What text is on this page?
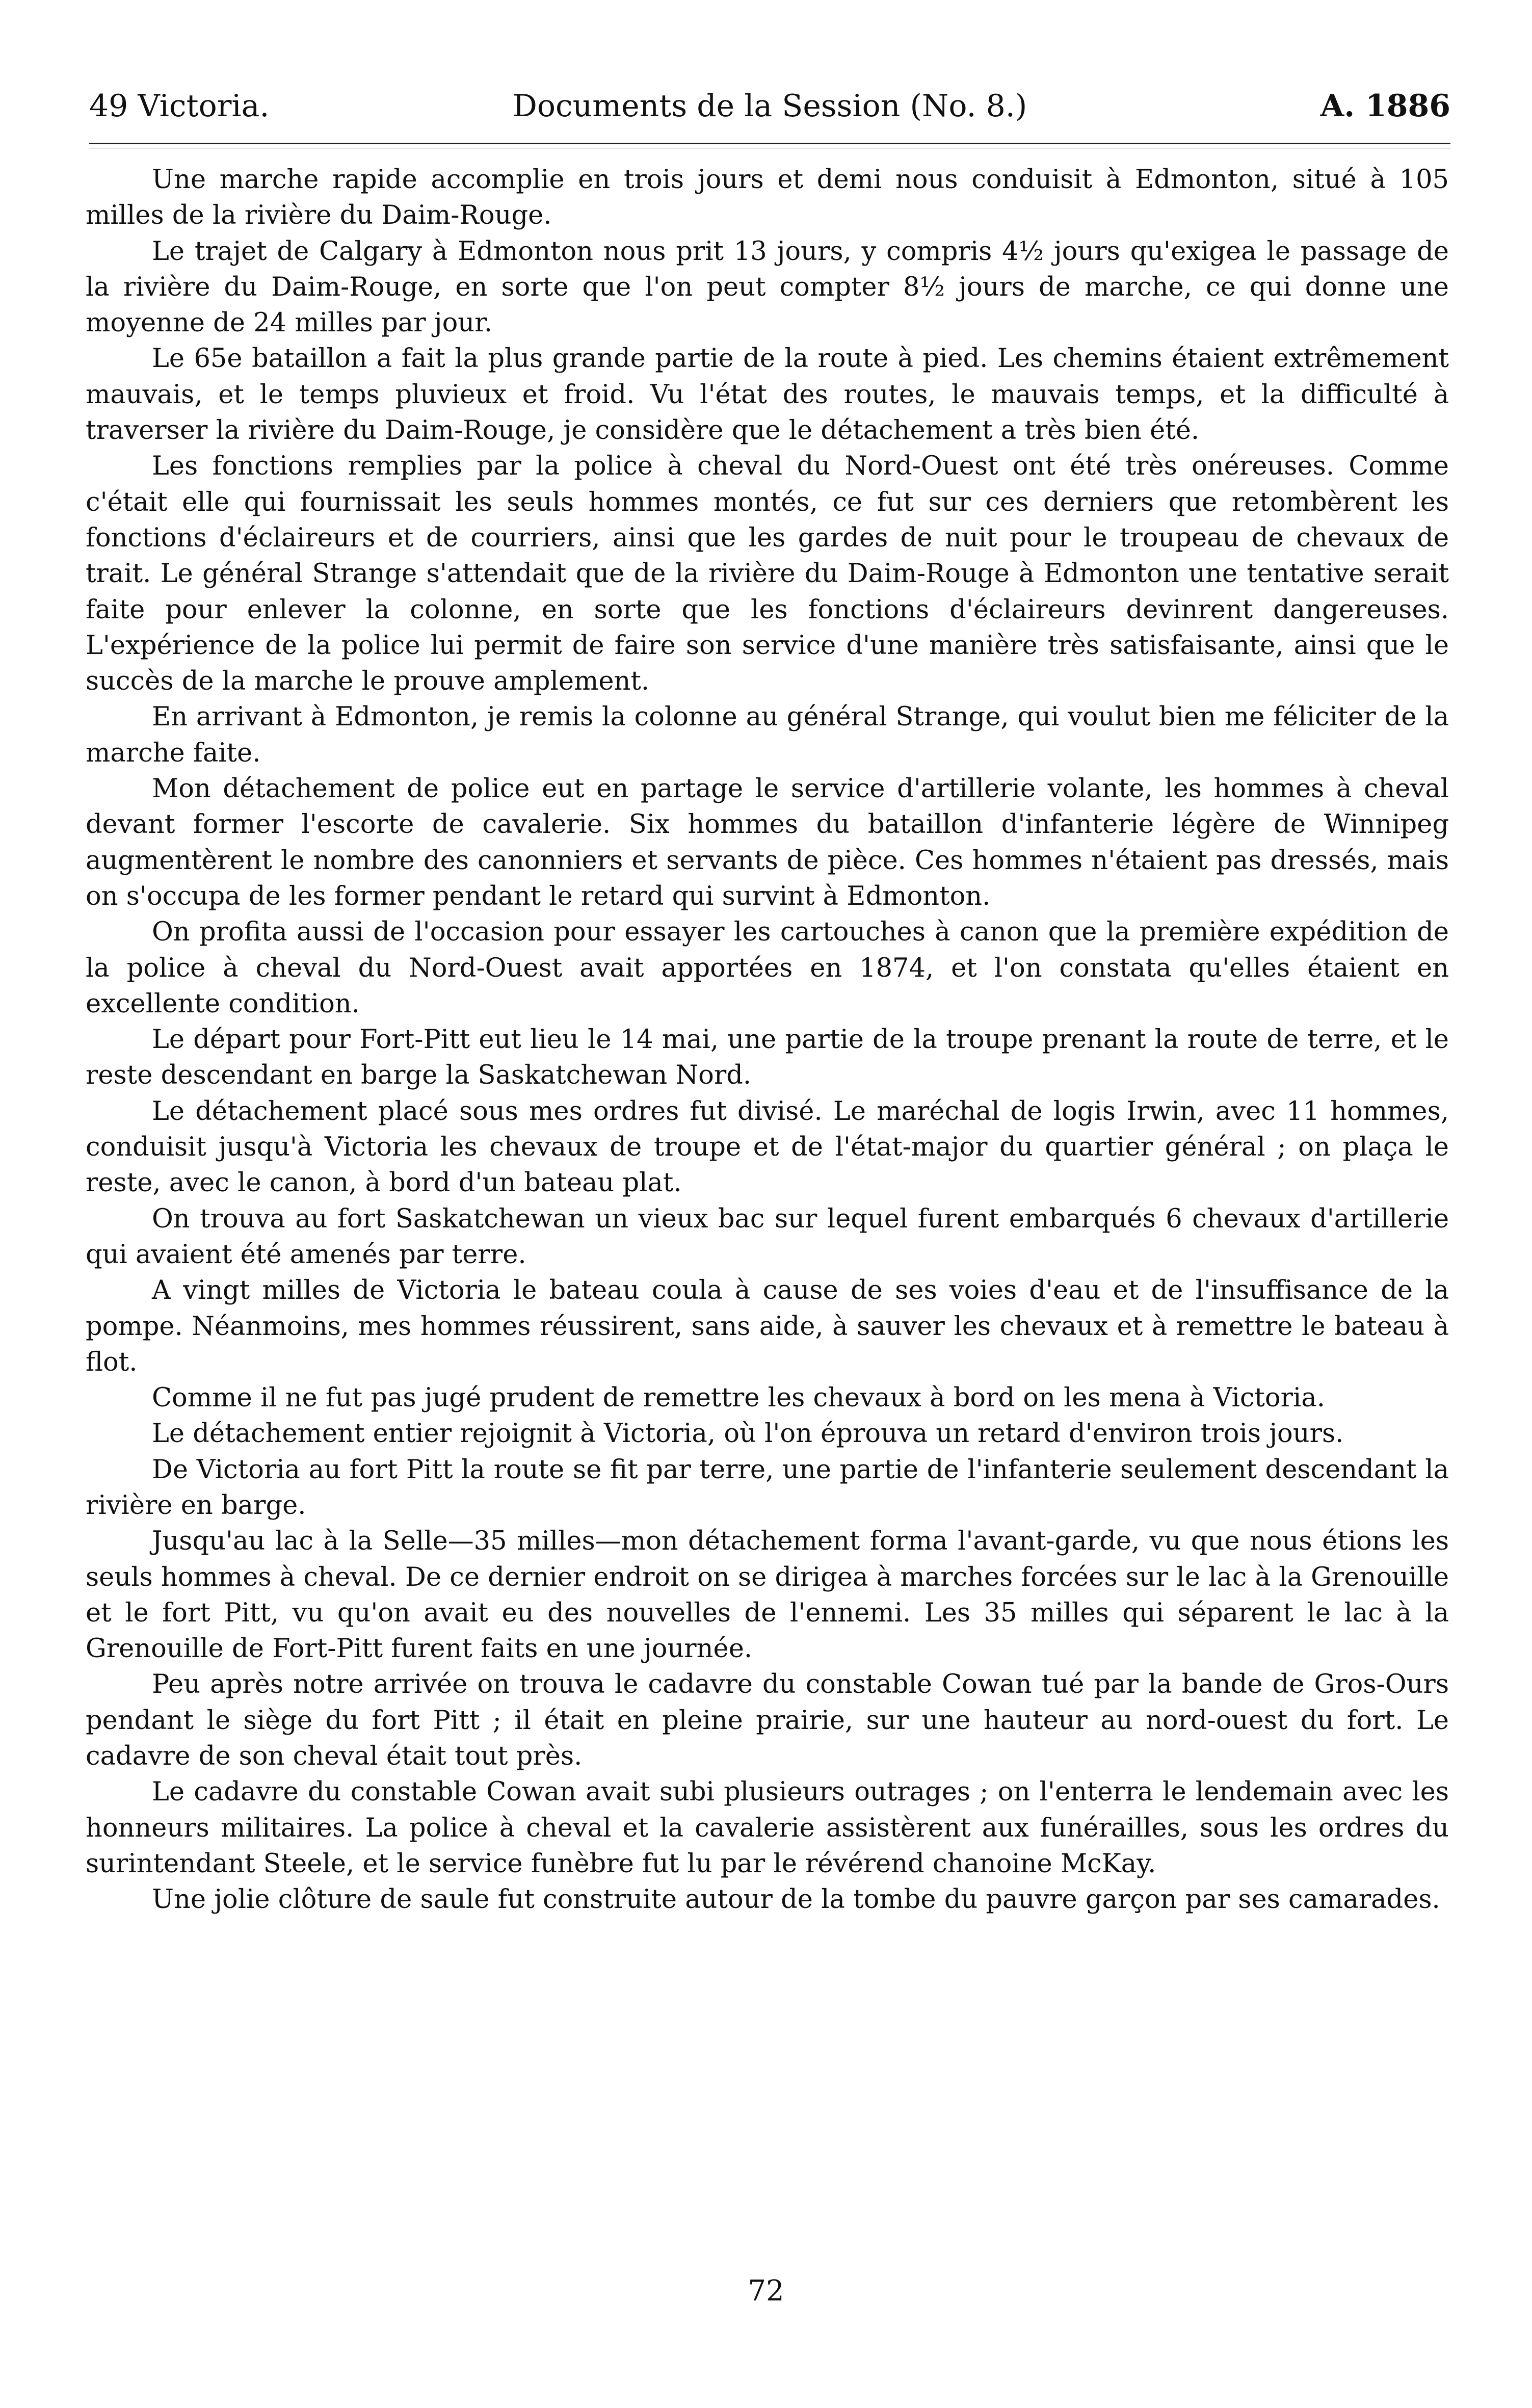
49 Victoria.	Documents de la Session (No. 8.)	A. 1886

Une marche rapide accomplie en trois jours et demi nous conduisit à Edmonton, situé à 105 milles de la rivière du Daim-Rouge.

Le trajet de Calgary à Edmonton nous prit 13 jours, y compris 4½ jours qu'exigea le passage de la rivière du Daim-Rouge, en sorte que l'on peut compter 8½ jours de marche, ce qui donne une moyenne de 24 milles par jour.

Le 65e bataillon a fait la plus grande partie de la route à pied. Les chemins étaient extrêmement mauvais, et le temps pluvieux et froid. Vu l'état des routes, le mauvais temps, et la difficulté à traverser la rivière du Daim-Rouge, je considère que le détachement a très bien été.

Les fonctions remplies par la police à cheval du Nord-Ouest ont été très onéreuses. Comme c'était elle qui fournissait les seuls hommes montés, ce fut sur ces derniers que retombèrent les fonctions d'éclaireurs et de courriers, ainsi que les gardes de nuit pour le troupeau de chevaux de trait. Le général Strange s'attendait que de la rivière du Daim-Rouge à Edmonton une tentative serait faite pour enlever la colonne, en sorte que les fonctions d'éclaireurs devinrent dangereuses. L'expérience de la police lui permit de faire son service d'une manière très satisfaisante, ainsi que le succès de la marche le prouve amplement.

En arrivant à Edmonton, je remis la colonne au général Strange, qui voulut bien me féliciter de la marche faite.

Mon détachement de police eut en partage le service d'artillerie volante, les hommes à cheval devant former l'escorte de cavalerie. Six hommes du bataillon d'infanterie légère de Winnipeg augmentèrent le nombre des canonniers et servants de pièce. Ces hommes n'étaient pas dressés, mais on s'occupa de les former pendant le retard qui survint à Edmonton.

On profita aussi de l'occasion pour essayer les cartouches à canon que la première expédition de la police à cheval du Nord-Ouest avait apportées en 1874, et l'on constata qu'elles étaient en excellente condition.

Le départ pour Fort-Pitt eut lieu le 14 mai, une partie de la troupe prenant la route de terre, et le reste descendant en barge la Saskatchewan Nord.

Le détachement placé sous mes ordres fut divisé. Le maréchal de logis Irwin, avec 11 hommes, conduisit jusqu'à Victoria les chevaux de troupe et de l'état-major du quartier général ; on plaça le reste, avec le canon, à bord d'un bateau plat.

On trouva au fort Saskatchewan un vieux bac sur lequel furent embarqués 6 chevaux d'artillerie qui avaient été amenés par terre.

A vingt milles de Victoria le bateau coula à cause de ses voies d'eau et de l'insuffisance de la pompe. Néanmoins, mes hommes réussirent, sans aide, à sauver les chevaux et à remettre le bateau à flot.

Comme il ne fut pas jugé prudent de remettre les chevaux à bord on les mena à Victoria.

Le détachement entier rejoignit à Victoria, où l'on éprouva un retard d'environ trois jours.

De Victoria au fort Pitt la route se fit par terre, une partie de l'infanterie seulement descendant la rivière en barge.

Jusqu'au lac à la Selle—35 milles—mon détachement forma l'avant-garde, vu que nous étions les seuls hommes à cheval. De ce dernier endroit on se dirigea à marches forcées sur le lac à la Grenouille et le fort Pitt, vu qu'on avait eu des nouvelles de l'ennemi. Les 35 milles qui séparent le lac à la Grenouille de Fort-Pitt furent faits en une journée.

Peu après notre arrivée on trouva le cadavre du constable Cowan tué par la bande de Gros-Ours pendant le siège du fort Pitt ; il était en pleine prairie, sur une hauteur au nord-ouest du fort. Le cadavre de son cheval était tout près.

Le cadavre du constable Cowan avait subi plusieurs outrages ; on l'enterra le lendemain avec les honneurs militaires. La police à cheval et la cavalerie assistèrent aux funérailles, sous les ordres du surintendant Steele, et le service funèbre fut lu par le révérend chanoine McKay.

Une jolie clôture de saule fut construite autour de la tombe du pauvre garçon par ses camarades.

72
